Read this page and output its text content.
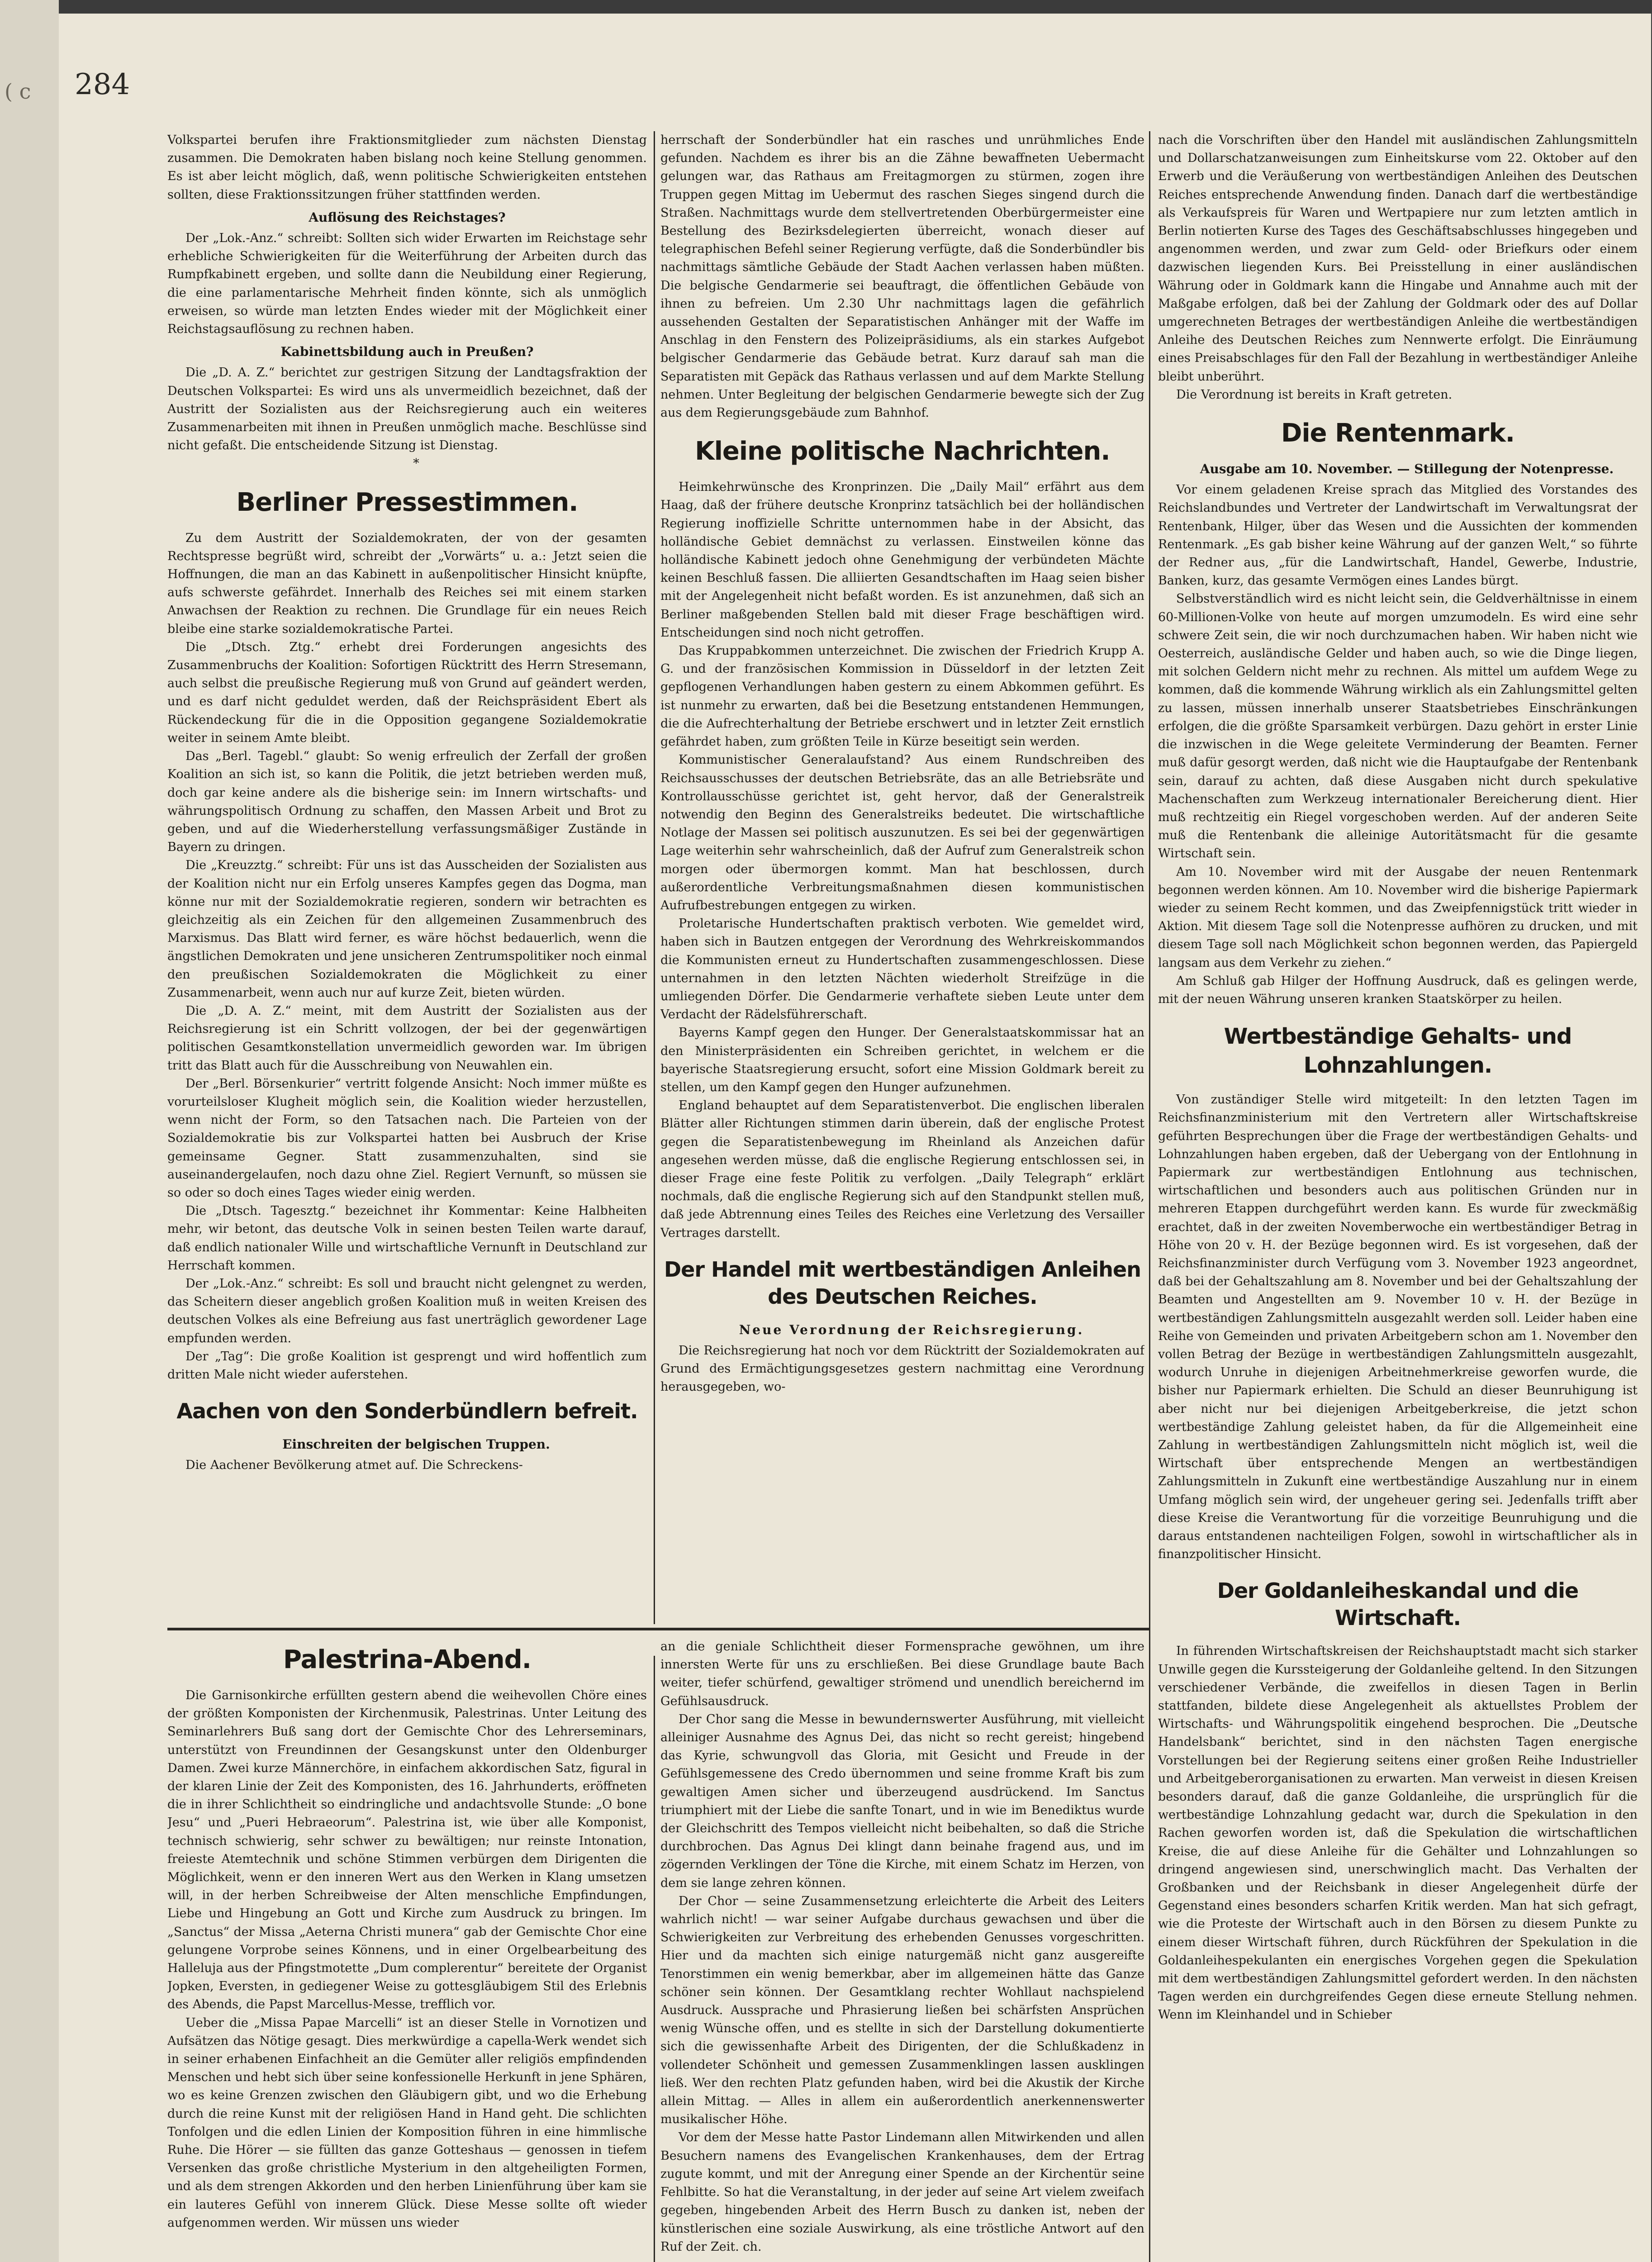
( c 284

Volkspartei berufen ihre Fraktionsmitglieder zum nächsten Dienstag zusammen. Die Demokraten haben bislang noch keine Stellung genommen. Es ist aber leicht möglich, daß, wenn politische Schwierigkeiten entstehen sollten, diese Fraktionssitzungen früher stattfinden werden.

Auflösung des Reichstages?

Der „Lok.-Anz.“ schreibt: Sollten sich wider Erwarten im Reichstage sehr erhebliche Schwierigkeiten für die Weiterführung der Arbeiten durch das Rumpfkabinett ergeben, und sollte dann die Neubildung einer Regierung, die eine parlamentarische Mehrheit finden könnte, sich als unmöglich erweisen, so würde man letzten Endes wieder mit der Möglichkeit einer Reichstagsauflösung zu rechnen haben.

Kabinettsbildung auch in Preußen?

Die „D. A. Z.“ berichtet zur gestrigen Sitzung der Landtagsfraktion der Deutschen Volkspartei: Es wird uns als unvermeidlich bezeichnet, daß der Austritt der Sozialisten aus der Reichsregierung auch ein weiteres Zusammenarbeiten mit ihnen in Preußen unmöglich mache. Beschlüsse sind nicht gefaßt. Die entscheidende Sitzung ist Dienstag.

*

Berliner Pressestimmen.

Zu dem Austritt der Sozialdemokraten, der von der gesamten Rechtspresse begrüßt wird, schreibt der „Vorwärts“ u. a.: Jetzt seien die Hoffnungen, die man an das Kabinett in außenpolitischer Hinsicht knüpfte, aufs schwerste gefährdet. Innerhalb des Reiches sei mit einem starken Anwachsen der Reaktion zu rechnen. Die Grundlage für ein neues Reich bleibe eine starke sozialdemokratische Partei.

Die „Dtsch. Ztg.“ erhebt drei Forderungen angesichts des Zusammenbruchs der Koalition: Sofortigen Rücktritt des Herrn Stresemann, auch selbst die preußische Regierung muß von Grund auf geändert werden, und es darf nicht geduldet werden, daß der Reichspräsident Ebert als Rückendeckung für die in die Opposition gegangene Sozialdemokratie weiter in seinem Amte bleibt.

Das „Berl. Tagebl.“ glaubt: So wenig erfreulich der Zerfall der großen Koalition an sich ist, so kann die Politik, die jetzt betrieben werden muß, doch gar keine andere als die bisherige sein: im Innern wirtschafts- und währungspolitisch Ordnung zu schaffen, den Massen Arbeit und Brot zu geben, und auf die Wiederherstellung verfassungsmäßiger Zustände in Bayern zu dringen.

Die „Kreuzztg.“ schreibt: Für uns ist das Ausscheiden der Sozialisten aus der Koalition nicht nur ein Erfolg unseres Kampfes gegen das Dogma, man könne nur mit der Sozialdemokratie regieren, sondern wir betrachten es gleichzeitig als ein Zeichen für den allgemeinen Zusammenbruch des Marxismus. Das Blatt wird ferner, es wäre höchst bedauerlich, wenn die ängstlichen Demokraten und jene unsicheren Zentrumspolitiker noch einmal den preußischen Sozialdemokraten die Möglichkeit zu einer Zusammenarbeit, wenn auch nur auf kurze Zeit, bieten würden.

Die „D. A. Z.“ meint, mit dem Austritt der Sozialisten aus der Reichsregierung ist ein Schritt vollzogen, der bei der gegenwärtigen politischen Gesamtkonstellation unvermeidlich geworden war. Im übrigen tritt das Blatt auch für die Ausschreibung von Neuwahlen ein.

Der „Berl. Börsenkurier“ vertritt folgende Ansicht: Noch immer müßte es vorurteilsloser Klugheit möglich sein, die Koalition wieder herzustellen, wenn nicht der Form, so den Tatsachen nach. Die Parteien von der Sozialdemokratie bis zur Volkspartei hatten bei Ausbruch der Krise gemeinsame Gegner. Statt zusammenzuhalten, sind sie auseinandergelaufen, noch dazu ohne Ziel. Regiert Vernunft, so müssen sie so oder so doch eines Tages wieder einig werden.

Die „Dtsch. Tagesztg.“ bezeichnet ihr Kommentar: Keine Halbheiten mehr, wir betont, das deutsche Volk in seinen besten Teilen warte darauf, daß endlich nationaler Wille und wirtschaftliche Vernunft in Deutschland zur Herrschaft kommen.

Der „Lok.-Anz.“ schreibt: Es soll und braucht nicht gelengnet zu werden, das Scheitern dieser angeblich großen Koalition muß in weiten Kreisen des deutschen Volkes als eine Befreiung aus fast unerträglich gewordener Lage empfunden werden.

Der „Tag“: Die große Koalition ist gesprengt und wird hoffentlich zum dritten Male nicht wieder auferstehen.

Aachen von den Sonderbündlern befreit.

Einschreiten der belgischen Truppen.

Die Aachener Bevölkerung atmet auf. Die Schreckens-

herrschaft der Sonderbündler hat ein rasches und unrühmliches Ende gefunden. Nachdem es ihrer bis an die Zähne bewaffneten Uebermacht gelungen war, das Rathaus am Freitagmorgen zu stürmen, zogen ihre Truppen gegen Mittag im Uebermut des raschen Sieges singend durch die Straßen. Nachmittags wurde dem stellvertretenden Oberbürgermeister eine Bestellung des Bezirksdelegierten überreicht, wonach dieser auf telegraphischen Befehl seiner Regierung verfügte, daß die Sonderbündler bis nachmittags sämtliche Gebäude der Stadt Aachen verlassen haben müßten. Die belgische Gendarmerie sei beauftragt, die öffentlichen Gebäude von ihnen zu befreien. Um 2.30 Uhr nachmittags lagen die gefährlich aussehenden Gestalten der Separatistischen Anhänger mit der Waffe im Anschlag in den Fenstern des Polizeipräsidiums, als ein starkes Aufgebot belgischer Gendarmerie das Gebäude betrat. Kurz darauf sah man die Separatisten mit Gepäck das Rathaus verlassen und auf dem Markte Stellung nehmen. Unter Begleitung der belgischen Gendarmerie bewegte sich der Zug aus dem Regierungsgebäude zum Bahnhof.

Kleine politische Nachrichten.

Heimkehrwünsche des Kronprinzen. Die „Daily Mail“ erfährt aus dem Haag, daß der frühere deutsche Kronprinz tatsächlich bei der holländischen Regierung inoffizielle Schritte unternommen habe in der Absicht, das holländische Gebiet demnächst zu verlassen. Einstweilen könne das holländische Kabinett jedoch ohne Genehmigung der verbündeten Mächte keinen Beschluß fassen. Die alliierten Gesandtschaften im Haag seien bisher mit der Angelegenheit nicht befaßt worden. Es ist anzunehmen, daß sich an Berliner maßgebenden Stellen bald mit dieser Frage beschäftigen wird. Entscheidungen sind noch nicht getroffen.

Das Kruppabkommen unterzeichnet. Die zwischen der Friedrich Krupp A. G. und der französischen Kommission in Düsseldorf in der letzten Zeit gepflogenen Verhandlungen haben gestern zu einem Abkommen geführt. Es ist nunmehr zu erwarten, daß bei die Besetzung entstandenen Hemmungen, die die Aufrechterhaltung der Betriebe erschwert und in letzter Zeit ernstlich gefährdet haben, zum größten Teile in Kürze beseitigt sein werden.

Kommunistischer Generalaufstand? Aus einem Rundschreiben des Reichsausschusses der deutschen Betriebsräte, das an alle Betriebsräte und Kontrollausschüsse gerichtet ist, geht hervor, daß der Generalstreik notwendig den Beginn des Generalstreiks bedeutet. Die wirtschaftliche Notlage der Massen sei politisch auszunutzen. Es sei bei der gegenwärtigen Lage weiterhin sehr wahrscheinlich, daß der Aufruf zum Generalstreik schon morgen oder übermorgen kommt. Man hat beschlossen, durch außerordentliche Verbreitungsmaßnahmen diesen kommunistischen Aufrufbestrebungen entgegen zu wirken.

Proletarische Hundertschaften praktisch verboten. Wie gemeldet wird, haben sich in Bautzen entgegen der Verordnung des Wehrkreiskommandos die Kommunisten erneut zu Hundertschaften zusammengeschlossen. Diese unternahmen in den letzten Nächten wiederholt Streifzüge in die umliegenden Dörfer. Die Gendarmerie verhaftete sieben Leute unter dem Verdacht der Rädelsführerschaft.

Bayerns Kampf gegen den Hunger. Der Generalstaatskommissar hat an den Ministerpräsidenten ein Schreiben gerichtet, in welchem er die bayerische Staatsregierung ersucht, sofort eine Mission Goldmark bereit zu stellen, um den Kampf gegen den Hunger aufzunehmen.

England behauptet auf dem Separatistenverbot. Die englischen liberalen Blätter aller Richtungen stimmen darin überein, daß der englische Protest gegen die Separatistenbewegung im Rheinland als Anzeichen dafür angesehen werden müsse, daß die englische Regierung entschlossen sei, in dieser Frage eine feste Politik zu verfolgen. „Daily Telegraph“ erklärt nochmals, daß die englische Regierung sich auf den Standpunkt stellen muß, daß jede Abtrennung eines Teiles des Reiches eine Verletzung des Versailler Vertrages darstellt.

Der Handel mit wertbeständigen Anleihen des Deutschen Reiches.

Neue Verordnung der Reichsregierung.

Die Reichsregierung hat noch vor dem Rücktritt der Sozialdemokraten auf Grund des Ermächtigungsgesetzes gestern nachmittag eine Verordnung herausgegeben, wo-

nach die Vorschriften über den Handel mit ausländischen Zahlungsmitteln und Dollarschatzanweisungen zum Einheitskurse vom 22. Oktober auf den Erwerb und die Veräußerung von wertbeständigen Anleihen des Deutschen Reiches entsprechende Anwendung finden. Danach darf die wertbeständige als Verkaufspreis für Waren und Wertpapiere nur zum letzten amtlich in Berlin notierten Kurse des Tages des Geschäftsabschlusses hingegeben und angenommen werden, und zwar zum Geld- oder Briefkurs oder einem dazwischen liegenden Kurs. Bei Preisstellung in einer ausländischen Währung oder in Goldmark kann die Hingabe und Annahme auch mit der Maßgabe erfolgen, daß bei der Zahlung der Goldmark oder des auf Dollar umgerechneten Betrages der wertbeständigen Anleihe die wertbeständigen Anleihe des Deutschen Reiches zum Nennwerte erfolgt. Die Einräumung eines Preisabschlages für den Fall der Bezahlung in wertbeständiger Anleihe bleibt unberührt.

Die Verordnung ist bereits in Kraft getreten.

Die Rentenmark.

Ausgabe am 10. November. — Stillegung der Notenpresse.

Vor einem geladenen Kreise sprach das Mitglied des Vorstandes des Reichslandbundes und Vertreter der Landwirtschaft im Verwaltungsrat der Rentenbank, Hilger, über das Wesen und die Aussichten der kommenden Rentenmark. „Es gab bisher keine Währung auf der ganzen Welt,“ so führte der Redner aus, „für die Landwirtschaft, Handel, Gewerbe, Industrie, Banken, kurz, das gesamte Vermögen eines Landes bürgt.

Selbstverständlich wird es nicht leicht sein, die Geldverhältnisse in einem 60-Millionen-Volke von heute auf morgen umzumodeln. Es wird eine sehr schwere Zeit sein, die wir noch durchzumachen haben. Wir haben nicht wie Oesterreich, ausländische Gelder und haben auch, so wie die Dinge liegen, mit solchen Geldern nicht mehr zu rechnen. Als mittel um aufdem Wege zu kommen, daß die kommende Währung wirklich als ein Zahlungsmittel gelten zu lassen, müssen innerhalb unserer Staatsbetriebes Einschränkungen erfolgen, die die größte Sparsamkeit verbürgen. Dazu gehört in erster Linie die inzwischen in die Wege geleitete Verminderung der Beamten. Ferner muß dafür gesorgt werden, daß nicht wie die Hauptaufgabe der Rentenbank sein, darauf zu achten, daß diese Ausgaben nicht durch spekulative Machenschaften zum Werkzeug internationaler Bereicherung dient. Hier muß rechtzeitig ein Riegel vorgeschoben werden. Auf der anderen Seite muß die Rentenbank die alleinige Autoritätsmacht für die gesamte Wirtschaft sein.

Am 10. November wird mit der Ausgabe der neuen Rentenmark begonnen werden können. Am 10. November wird die bisherige Papiermark wieder zu seinem Recht kommen, und das Zweipfennigstück tritt wieder in Aktion. Mit diesem Tage soll die Notenpresse aufhören zu drucken, und mit diesem Tage soll nach Möglichkeit schon begonnen werden, das Papiergeld langsam aus dem Verkehr zu ziehen.“

Am Schluß gab Hilger der Hoffnung Ausdruck, daß es gelingen werde, mit der neuen Währung unseren kranken Staatskörper zu heilen.

Wertbeständige Gehalts- und Lohnzahlungen.

Von zuständiger Stelle wird mitgeteilt: In den letzten Tagen im Reichsfinanzministerium mit den Vertretern aller Wirtschaftskreise geführten Besprechungen über die Frage der wertbeständigen Gehalts- und Lohnzahlungen haben ergeben, daß der Uebergang von der Entlohnung in Papiermark zur wertbeständigen Entlohnung aus technischen, wirtschaftlichen und besonders auch aus politischen Gründen nur in mehreren Etappen durchgeführt werden kann. Es wurde für zweckmäßig erachtet, daß in der zweiten Novemberwoche ein wertbeständiger Betrag in Höhe von 20 v. H. der Bezüge begonnen wird. Es ist vorgesehen, daß der Reichsfinanzminister durch Verfügung vom 3. November 1923 angeordnet, daß bei der Gehaltszahlung am 8. November und bei der Gehaltszahlung der Beamten und Angestellten am 9. November 10 v. H. der Bezüge in wertbeständigen Zahlungsmitteln ausgezahlt werden soll. Leider haben eine Reihe von Gemeinden und privaten Arbeitgebern schon am 1. November den vollen Betrag der Bezüge in wertbeständigen Zahlungsmitteln ausgezahlt, wodurch Unruhe in diejenigen Arbeitnehmerkreise geworfen wurde, die bisher nur Papiermark erhielten. Die Schuld an dieser Beunruhigung ist aber nicht nur bei diejenigen Arbeitgeberkreise, die jetzt schon wertbeständige Zahlung geleistet haben, da für die Allgemeinheit eine Zahlung in wertbeständigen Zahlungsmitteln nicht möglich ist, weil die Wirtschaft über entsprechende Mengen an wertbeständigen Zahlungsmitteln in Zukunft eine wertbeständige Auszahlung nur in einem Umfang möglich sein wird, der ungeheuer gering sei. Jedenfalls trifft aber diese Kreise die Verantwortung für die vorzeitige Beunruhigung und die daraus entstandenen nachteiligen Folgen, sowohl in wirtschaftlicher als in finanzpolitischer Hinsicht.

Der Goldanleiheskandal und die Wirtschaft.

In führenden Wirtschaftskreisen der Reichshauptstadt macht sich starker Unwille gegen die Kurssteigerung der Goldanleihe geltend. In den Sitzungen verschiedener Verbände, die zweifellos in diesen Tagen in Berlin stattfanden, bildete diese Angelegenheit als aktuellstes Problem der Wirtschafts- und Währungspolitik eingehend besprochen. Die „Deutsche Handelsbank“ berichtet, sind in den nächsten Tagen energische Vorstellungen bei der Regierung seitens einer großen Reihe Industrieller und Arbeitgeberorganisationen zu erwarten. Man verweist in diesen Kreisen besonders darauf, daß die ganze Goldanleihe, die ursprünglich für die wertbeständige Lohnzahlung gedacht war, durch die Spekulation in den Rachen geworfen worden ist, daß die Spekulation die wirtschaftlichen Kreise, die auf diese Anleihe für die Gehälter und Lohnzahlungen so dringend angewiesen sind, unerschwinglich macht. Das Verhalten der Großbanken und der Reichsbank in dieser Angelegenheit dürfe der Gegenstand eines besonders scharfen Kritik werden. Man hat sich gefragt, wie die Proteste der Wirtschaft auch in den Börsen zu diesem Punkte zu einem dieser Wirtschaft führen, durch Rückführen der Spekulation in die Goldanleihespekulanten ein energisches Vorgehen gegen die Spekulation mit dem wertbeständigen Zahlungsmittel gefordert werden. In den nächsten Tagen werden ein durchgreifendes Gegen diese erneute Stellung nehmen. Wenn im Kleinhandel und in Schieber

Palestrina-Abend.

Die Garnisonkirche erfüllten gestern abend die weihevollen Chöre eines der größten Komponisten der Kirchenmusik, Palestrinas. Unter Leitung des Seminarlehrers Buß sang dort der Gemischte Chor des Lehrerseminars, unterstützt von Freundinnen der Gesangskunst unter den Oldenburger Damen. Zwei kurze Männerchöre, in einfachem akkordischen Satz, figural in der klaren Linie der Zeit des Komponisten, des 16. Jahrhunderts, eröffneten die in ihrer Schlichtheit so eindringliche und andachtsvolle Stunde: „O bone Jesu“ und „Pueri Hebraeorum“. Palestrina ist, wie über alle Komponist, technisch schwierig, sehr schwer zu bewältigen; nur reinste Intonation, freieste Atemtechnik und schöne Stimmen verbürgen dem Dirigenten die Möglichkeit, wenn er den inneren Wert aus den Werken in Klang umsetzen will, in der herben Schreibweise der Alten menschliche Empfindungen, Liebe und Hingebung an Gott und Kirche zum Ausdruck zu bringen. Im „Sanctus“ der Missa „Aeterna Christi munera“ gab der Gemischte Chor eine gelungene Vorprobe seines Könnens, und in einer Orgelbearbeitung des Halleluja aus der Pfingstmotette „Dum complerentur“ bereitete der Organist Jopken, Eversten, in gediegener Weise zu gottesgläubigem Stil des Erlebnis des Abends, die Papst Marcellus-Messe, trefflich vor.

Ueber die „Missa Papae Marcelli“ ist an dieser Stelle in Vornotizen und Aufsätzen das Nötige gesagt. Dies merkwürdige a capella-Werk wendet sich in seiner erhabenen Einfachheit an die Gemüter aller religiös empfindenden Menschen und hebt sich über seine konfessionelle Herkunft in jene Sphären, wo es keine Grenzen zwischen den Gläubigern gibt, und wo die Erhebung durch die reine Kunst mit der religiösen Hand in Hand geht. Die schlichten Tonfolgen und die edlen Linien der Komposition führen in eine himmlische Ruhe. Die Hörer — sie füllten das ganze Gotteshaus — genossen in tiefem Versenken das große christliche Mysterium in den altgeheiligten Formen, und als dem strengen Akkorden und den herben Linienführung über kam sie ein lauteres Gefühl von innerem Glück. Diese Messe sollte oft wieder aufgenommen werden. Wir müssen uns wieder

an die geniale Schlichtheit dieser Formensprache gewöhnen, um ihre innersten Werte für uns zu erschließen. Bei diese Grundlage baute Bach weiter, tiefer schürfend, gewaltiger strömend und unendlich bereichernd im Gefühlsausdruck.

Der Chor sang die Messe in bewundernswerter Ausführung, mit vielleicht alleiniger Ausnahme des Agnus Dei, das nicht so recht gereist; hingebend das Kyrie, schwungvoll das Gloria, mit Gesicht und Freude in der Gefühlsgemessene des Credo übernommen und seine fromme Kraft bis zum gewaltigen Amen sicher und überzeugend ausdrückend. Im Sanctus triumphiert mit der Liebe die sanfte Tonart, und in wie im Benediktus wurde der Gleichschritt des Tempos vielleicht nicht beibehalten, so daß die Striche durchbrochen. Das Agnus Dei klingt dann beinahe fragend aus, und im zögernden Verklingen der Töne die Kirche, mit einem Schatz im Herzen, von dem sie lange zehren können.

Der Chor — seine Zusammensetzung erleichterte die Arbeit des Leiters wahrlich nicht! — war seiner Aufgabe durchaus gewachsen und über die Schwierigkeiten zur Verbreitung des erhebenden Genusses vorgeschritten. Hier und da machten sich einige naturgemäß nicht ganz ausgereifte Tenorstimmen ein wenig bemerkbar, aber im allgemeinen hätte das Ganze schöner sein können. Der Gesamtklang rechter Wohllaut nachspielend Ausdruck. Aussprache und Phrasierung ließen bei schärfsten Ansprüchen wenig Wünsche offen, und es stellte in sich der Darstellung dokumentierte sich die gewissenhafte Arbeit des Dirigenten, der die Schlußkadenz in vollendeter Schönheit und gemessen Zusammenklingen lassen ausklingen ließ. Wer den rechten Platz gefunden haben, wird bei die Akustik der Kirche allein Mittag. — Alles in allem ein außerordentlich anerkennenswerter musikalischer Höhe.

Vor dem der Messe hatte Pastor Lindemann allen Mitwirkenden und allen Besuchern namens des Evangelischen Krankenhauses, dem der Ertrag zugute kommt, und mit der Anregung einer Spende an der Kirchentür seine Fehlbitte. So hat die Veranstaltung, in der jeder auf seine Art vielem zweifach gegeben, hingebenden Arbeit des Herrn Busch zu danken ist, neben der künstlerischen eine soziale Auswirkung, als eine tröstliche Antwort auf den Ruf der Zeit. ch.
